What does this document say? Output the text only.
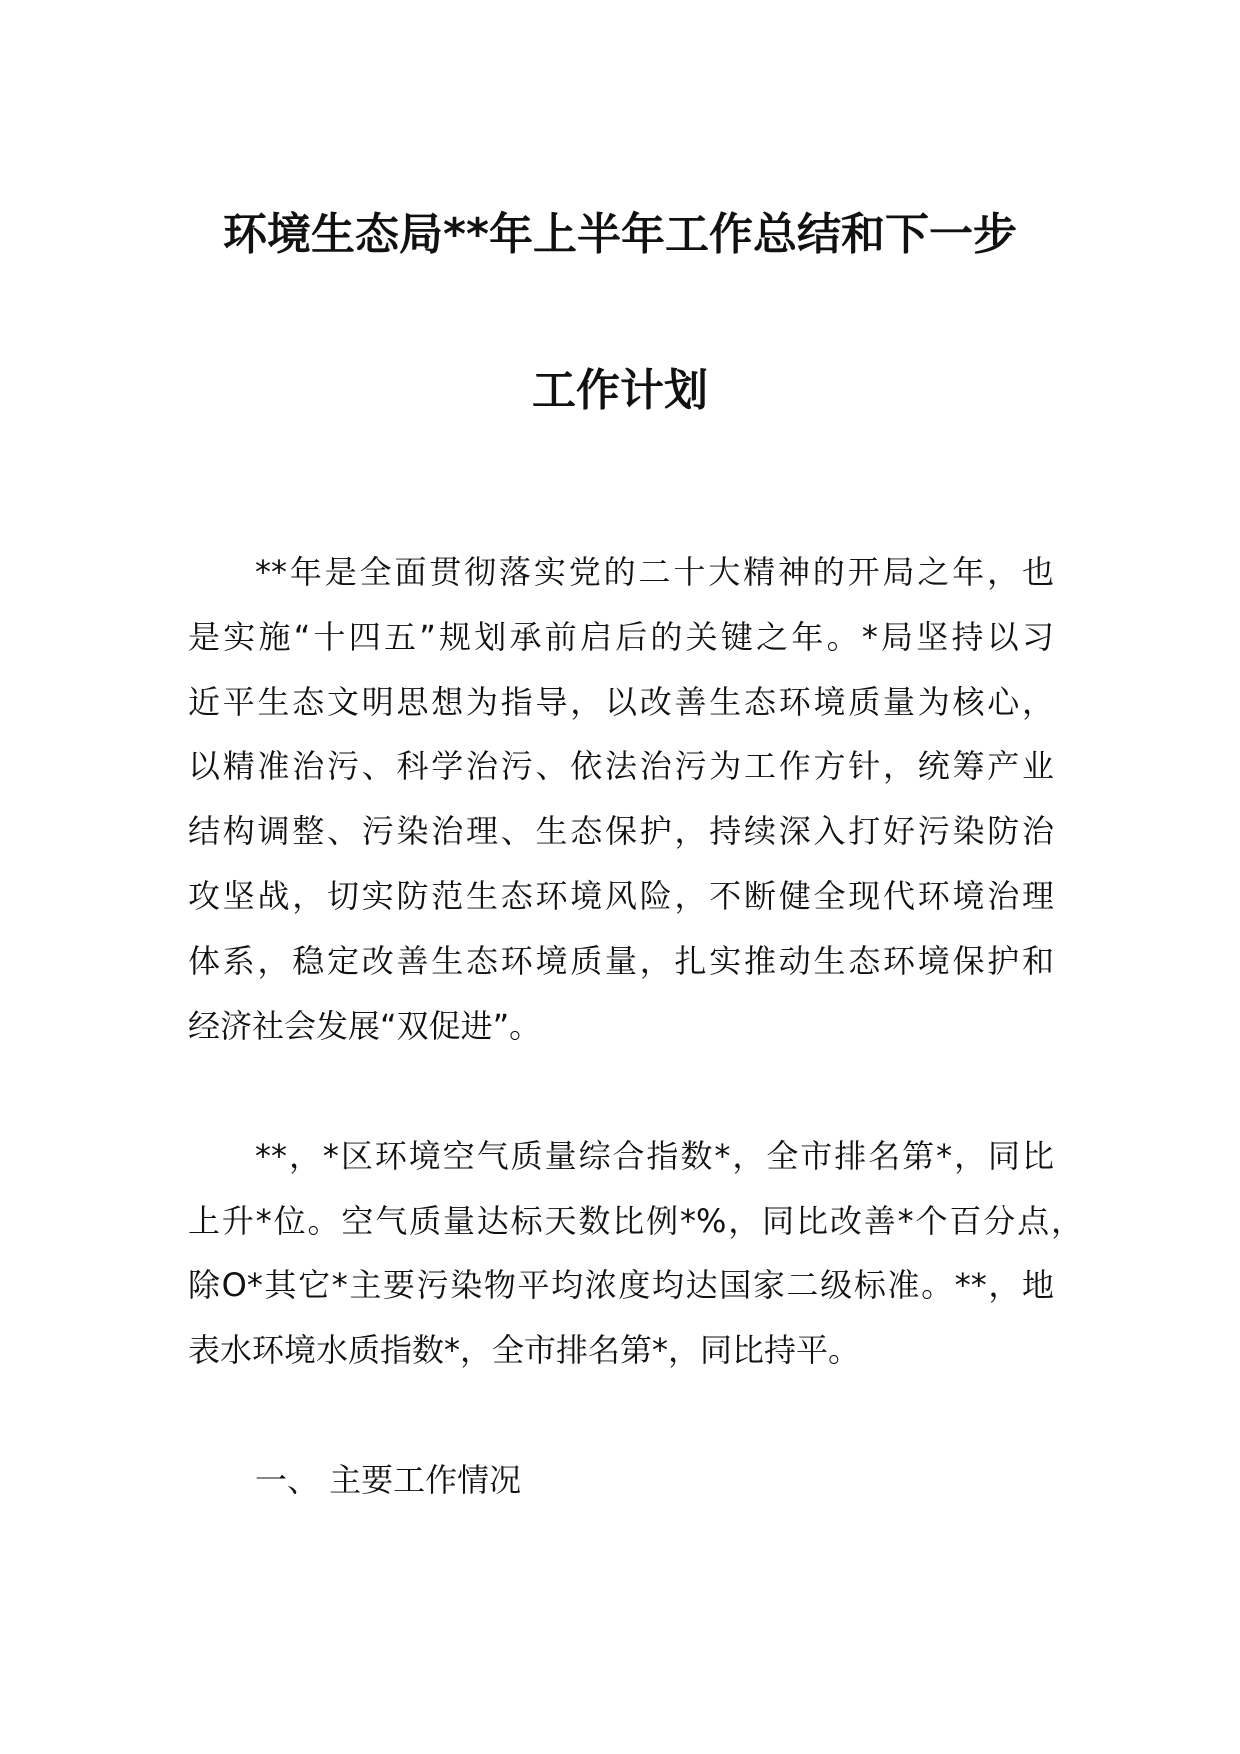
环境生态局**年上半年工作总结和下一步
工作计划
**年是全面贯彻落实党的二十大精神的开局之年，也
是实施“十四五”规划承前启后的关键之年。*局坚持以习
近平生态文明思想为指导，以改善生态环境质量为核心，
以精准治污、科学治污、依法治污为工作方针，统筹产业
结构调整、污染治理、生态保护，持续深入打好污染防治
攻坚战，切实防范生态环境风险，不断健全现代环境治理
体系，稳定改善生态环境质量，扎实推动生态环境保护和
经济社会发展“双促进”。
**，*区环境空气质量综合指数*，全市排名第*，同比
上升*位。空气质量达标天数比例*%，同比改善*个百分点，
除O*其它*主要污染物平均浓度均达国家二级标准。**，地
表水环境水质指数*，全市排名第*，同比持平。
一、 主要工作情况
